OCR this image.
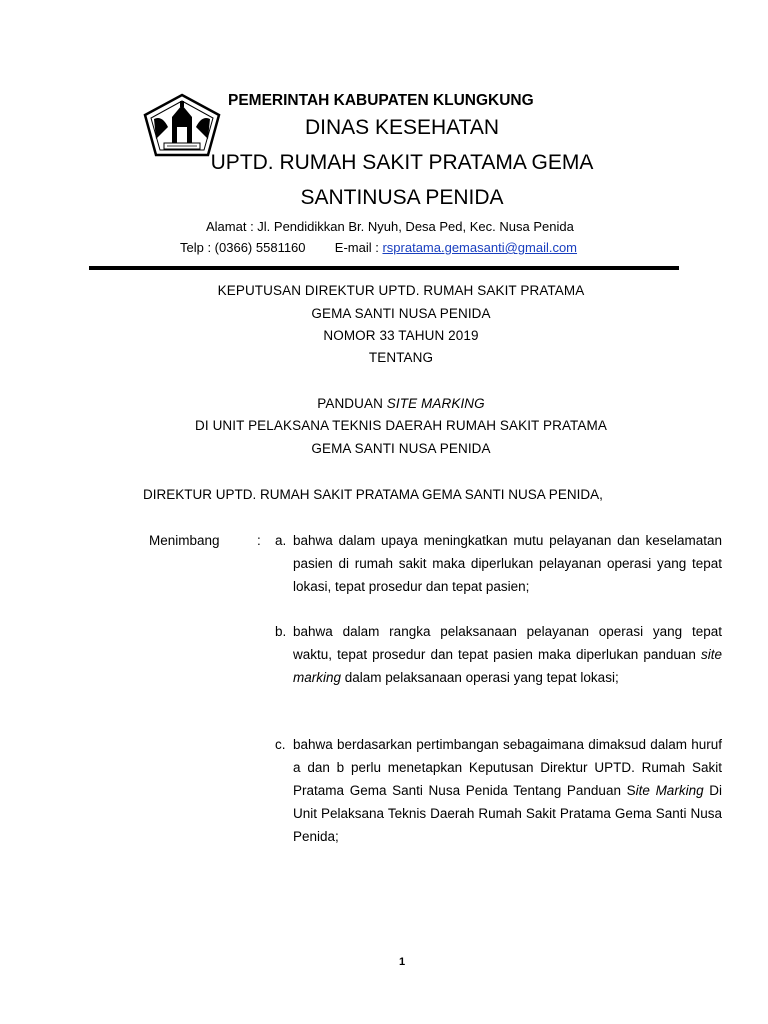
PEMERINTAH KABUPATEN KLUNGKUNG
DINAS KESEHATAN
UPTD. RUMAH SAKIT PRATAMA GEMA
SANTINUSA PENIDA
Alamat : Jl. Pendidikkan Br. Nyuh, Desa Ped, Kec. Nusa Penida
Telp : (0366) 5581160 E-mail : rspratama.gemasanti@gmail.com
KEPUTUSAN DIREKTUR UPTD. RUMAH SAKIT PRATAMA
GEMA SANTI NUSA PENIDA
NOMOR 33 TAHUN 2019
TENTANG
PANDUAN SITE MARKING
DI UNIT PELAKSANA TEKNIS DAERAH RUMAH SAKIT PRATAMA
GEMA SANTI NUSA PENIDA
DIREKTUR UPTD. RUMAH SAKIT PRATAMA GEMA SANTI NUSA PENIDA,
Menimbang	: a. bahwa dalam upaya meningkatkan mutu pelayanan dan keselamatan pasien di rumah sakit maka diperlukan pelayanan operasi yang tepat lokasi, tepat prosedur dan tepat pasien;

b. bahwa dalam rangka pelaksanaan pelayanan operasi yang tepat waktu, tepat prosedur dan tepat pasien maka diperlukan panduan site marking dalam pelaksanaan operasi yang tepat lokasi;

c. bahwa berdasarkan pertimbangan sebagaimana dimaksud dalam huruf a dan b perlu menetapkan Keputusan Direktur UPTD. Rumah Sakit Pratama Gema Santi Nusa Penida Tentang Panduan Site Marking Di Unit Pelaksana Teknis Daerah Rumah Sakit Pratama Gema Santi Nusa Penida;

1
